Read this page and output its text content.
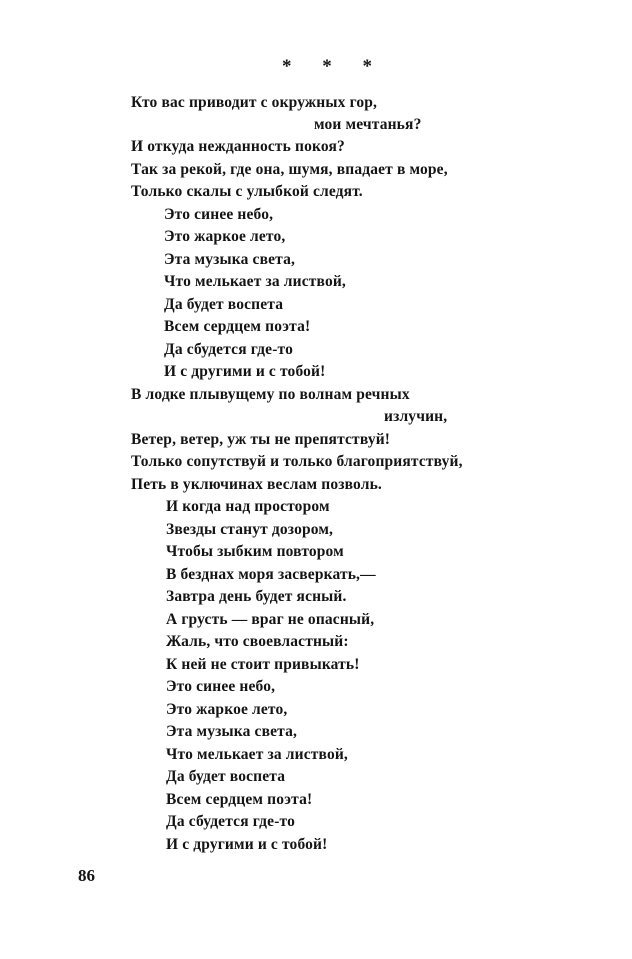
* * *
Кто вас приводит с окружных гор,
мои мечтанья?
И откуда нежданность покоя?
Так за рекой, где она, шумя, впадает в море,
Только скалы с улыбкой следят.
Это синее небо,
Это жаркое лето,
Эта музыка света,
Что мелькает за листвой,
Да будет воспета
Всем сердцем поэта!
Да сбудется где-то
И с другими и с тобой!
В лодке плывущему по волнам речных
излучин,
Ветер, ветер, уж ты не препятствуй!
Только сопутствуй и только благоприятствуй,
Петь в уключинах веслам позволь.
И когда над простором
Звезды станут дозором,
Чтобы зыбким повтором
В безднах моря засверкать,—
Завтра день будет ясный.
А грусть — враг не опасный,
Жаль, что своевластный:
К ней не стоит привыкать!
Это синее небо,
Это жаркое лето,
Эта музыка света,
Что мелькает за листвой,
Да будет воспета
Всем сердцем поэта!
Да сбудется где-то
И с другими и с тобой!
86
